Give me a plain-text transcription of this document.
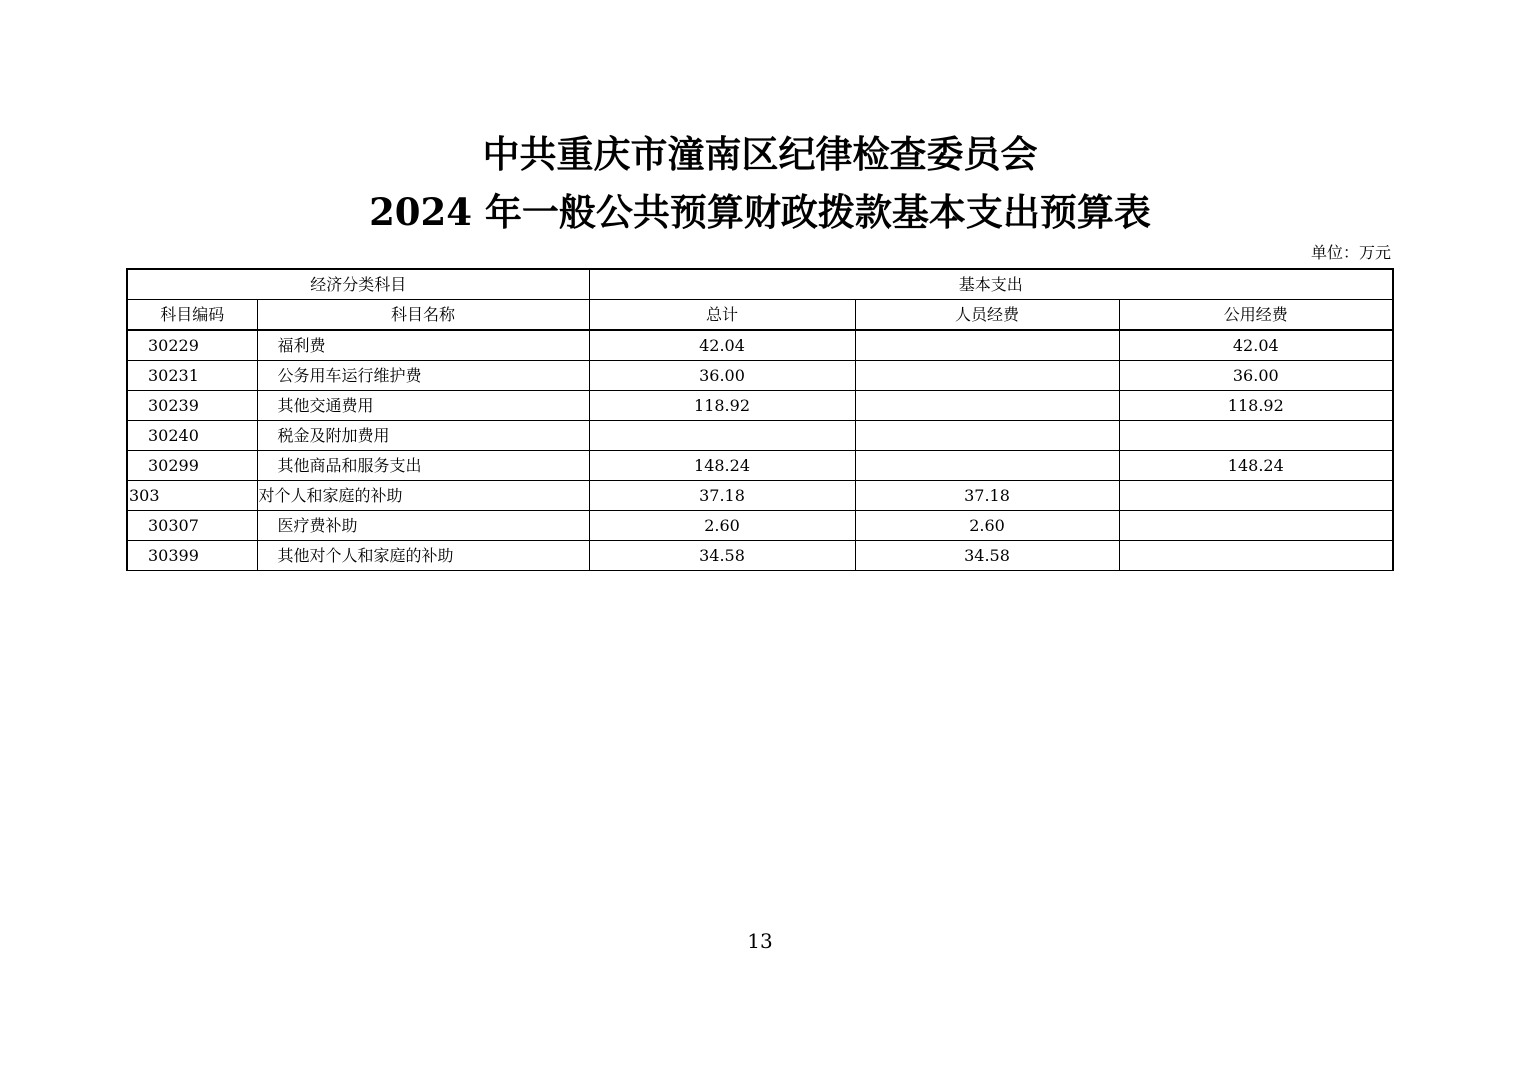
中共重庆市潼南区纪律检查委员会
2024 年一般公共预算财政拨款基本支出预算表
单位：万元
经济分类科目		基本支出		
科目编码	科目名称	总计	人员经费	公用经费
30229	福利费	42.04		42.04
30231	公务用车运行维护费	36.00		36.00
30239	其他交通费用	118.92		118.92
30240	税金及附加费用			
30299	其他商品和服务支出	148.24		148.24
303	对个人和家庭的补助	37.18	37.18	
30307	医疗费补助	2.60	2.60	
30399	其他对个人和家庭的补助	34.58	34.58	
13
